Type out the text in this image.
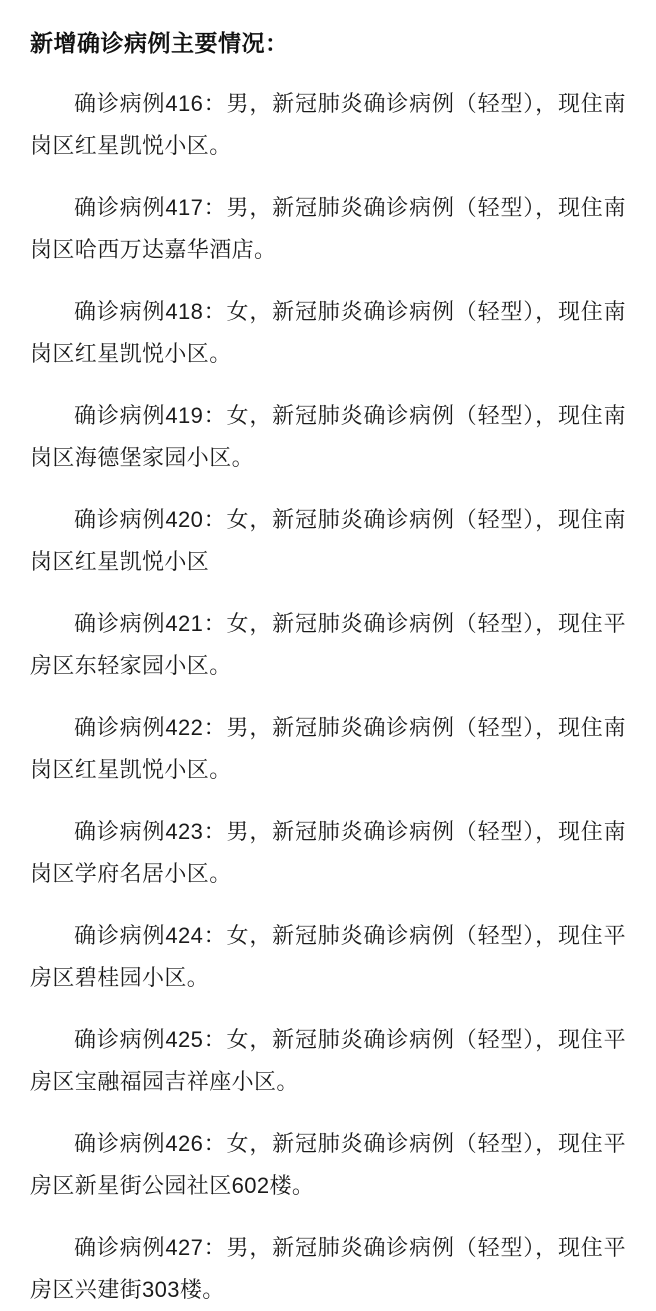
新增确诊病例主要情况：

确诊病例416：男，新冠肺炎确诊病例（轻型），现住南岗区红星凯悦小区。

确诊病例417：男，新冠肺炎确诊病例（轻型），现住南岗区哈西万达嘉华酒店。

确诊病例418：女，新冠肺炎确诊病例（轻型），现住南岗区红星凯悦小区。

确诊病例419：女，新冠肺炎确诊病例（轻型），现住南岗区海德堡家园小区。

确诊病例420：女，新冠肺炎确诊病例（轻型），现住南岗区红星凯悦小区

确诊病例421：女，新冠肺炎确诊病例（轻型），现住平房区东轻家园小区。

确诊病例422：男，新冠肺炎确诊病例（轻型），现住南岗区红星凯悦小区。

确诊病例423：男，新冠肺炎确诊病例（轻型），现住南岗区学府名居小区。

确诊病例424：女，新冠肺炎确诊病例（轻型），现住平房区碧桂园小区。

确诊病例425：女，新冠肺炎确诊病例（轻型），现住平房区宝融福园吉祥座小区。

确诊病例426：女，新冠肺炎确诊病例（轻型），现住平房区新星街公园社区602楼。

确诊病例427：男，新冠肺炎确诊病例（轻型），现住平房区兴建街303楼。
